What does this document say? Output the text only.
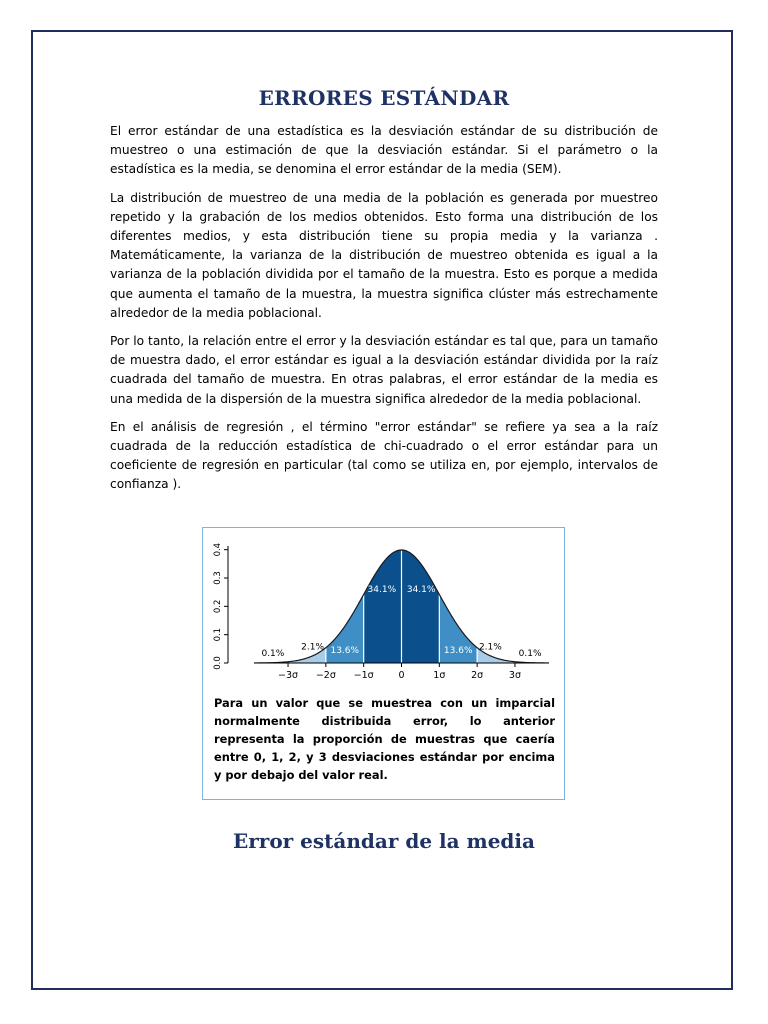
ERRORES ESTÁNDAR

El error estándar de una estadística es la desviación estándar de su distribución de muestreo o una estimación de que la desviación estándar. Si el parámetro o la estadística es la media, se denomina el error estándar de la media (SEM).

La distribución de muestreo de una media de la población es generada por muestreo repetido y la grabación de los medios obtenidos. Esto forma una distribución de los diferentes medios, y esta distribución tiene su propia media y la varianza . Matemáticamente, la varianza de la distribución de muestreo obtenida es igual a la varianza de la población dividida por el tamaño de la muestra. Esto es porque a medida que aumenta el tamaño de la muestra, la muestra significa clúster más estrechamente alrededor de la media poblacional.

Por lo tanto, la relación entre el error y la desviación estándar es tal que, para un tamaño de muestra dado, el error estándar es igual a la desviación estándar dividida por la raíz cuadrada del tamaño de muestra. En otras palabras, el error estándar de la media es una medida de la dispersión de la muestra significa alrededor de la media poblacional.

En el análisis de regresión , el término "error estándar" se refiere ya sea a la raíz cuadrada de la reducción estadística de chi-cuadrado o el error estándar para un coeficiente de regresión en particular (tal como se utiliza en, por ejemplo, intervalos de confianza ).

−3σ −2σ −1σ	0	1σ	2σ	3σ
0.0
0.1
0.2
0.3
0.4
2.1% 13.6%
34.1% 34.1%
13.6% 2.1%
0.1%	0.1%

Para un valor que se muestrea con un imparcial normalmente distribuida error, lo anterior representa la proporción de muestras que caería entre 0, 1, 2, y 3 desviaciones estándar por encima y por debajo del valor real.

Error estándar de la media
